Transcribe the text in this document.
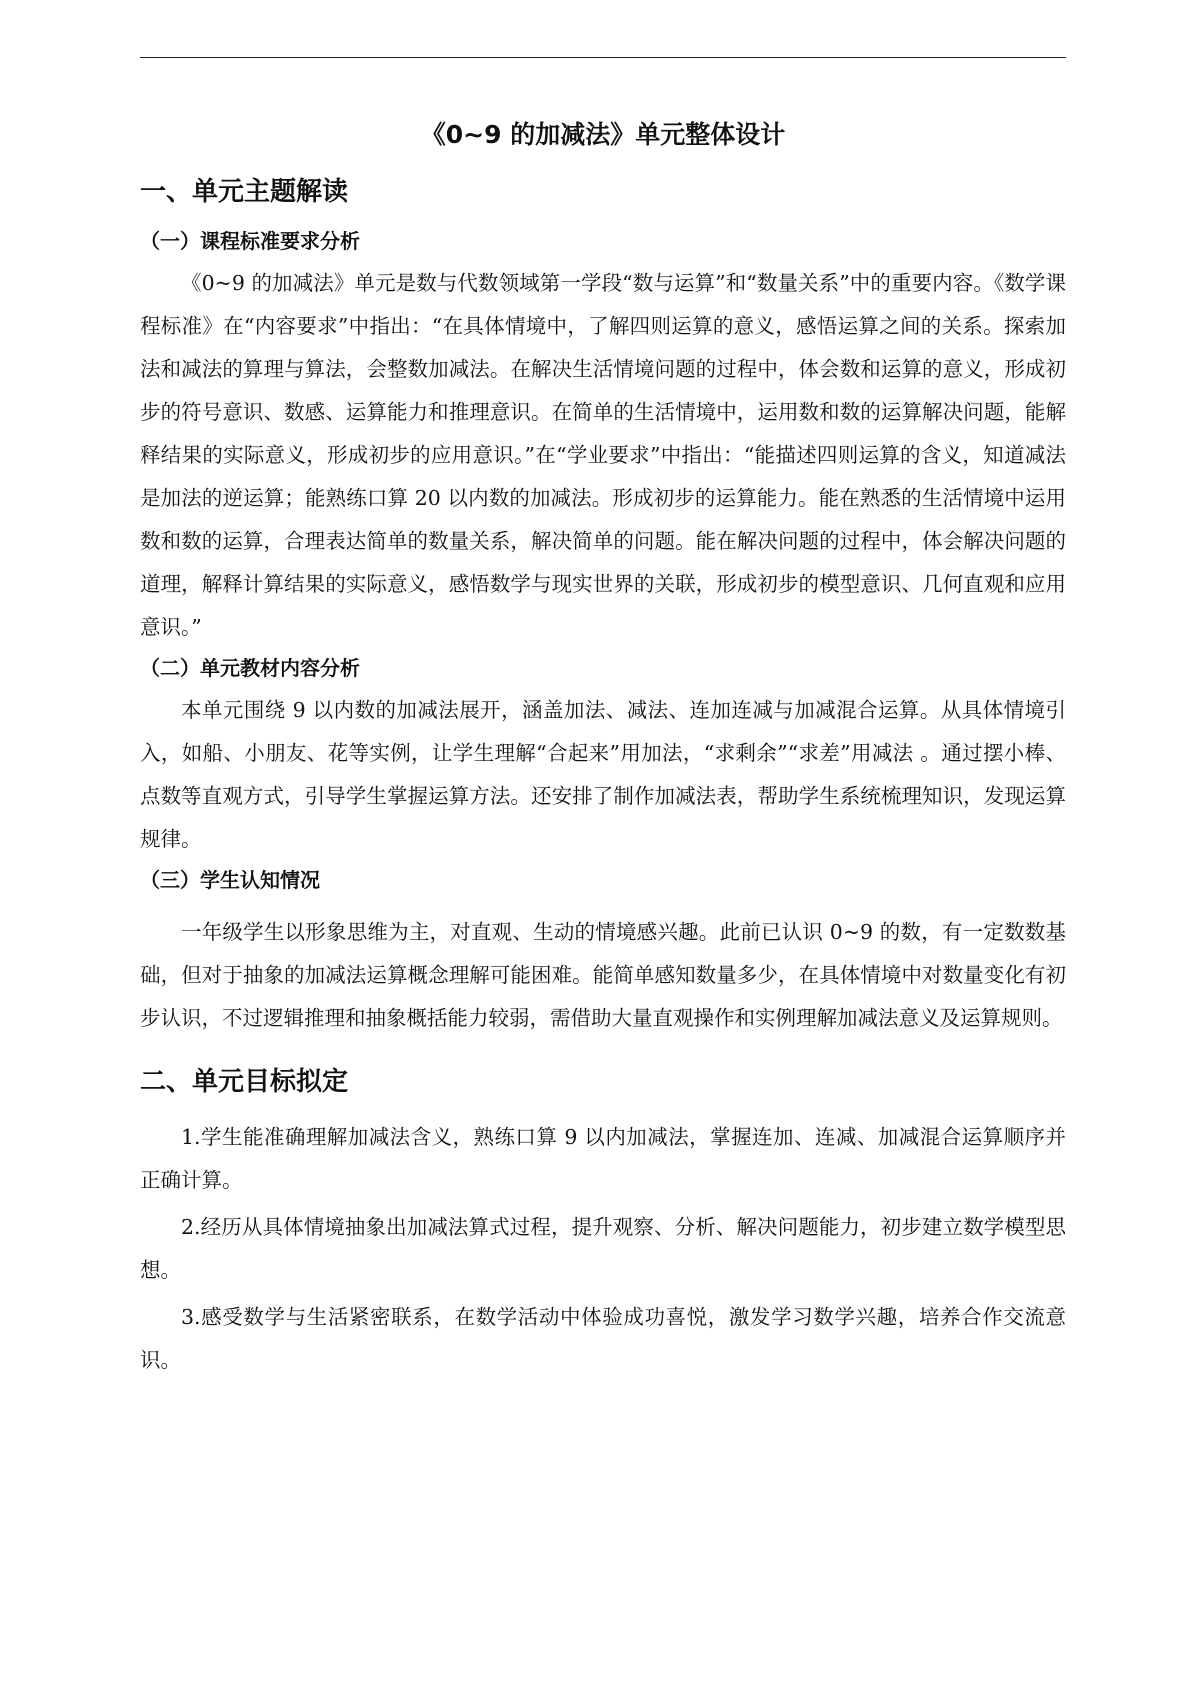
《0~9 的加减法》单元整体设计
一、单元主题解读
（一）课程标准要求分析

《0~9 的加减法》单元是数与代数领域第一学段“数与运算”和“数量关系”中的重要内容。《数学课程标准》在“内容要求”中指出：“在具体情境中，了解四则运算的意义，感悟运算之间的关系。探索加法和减法的算理与算法，会整数加减法。在解决生活情境问题的过程中，体会数和运算的意义，形成初步的符号意识、数感、运算能力和推理意识。在简单的生活情境中，运用数和数的运算解决问题，能解释结果的实际意义，形成初步的应用意识。”在“学业要求”中指出：“能描述四则运算的含义，知道减法是加法的逆运算；能熟练口算 20 以内数的加减法。形成初步的运算能力。能在熟悉的生活情境中运用数和数的运算，合理表达简单的数量关系，解决简单的问题。能在解决问题的过程中，体会解决问题的道理，解释计算结果的实际意义，感悟数学与现实世界的关联，形成初步的模型意识、几何直观和应用意识。”

（二）单元教材内容分析

本单元围绕 9 以内数的加减法展开，涵盖加法、减法、连加连减与加减混合运算。从具体情境引入，如船、小朋友、花等实例，让学生理解“合起来”用加法，“求剩余”“求差”用减法 。通过摆小棒、点数等直观方式，引导学生掌握运算方法。还安排了制作加减法表，帮助学生系统梳理知识，发现运算规律。

（三）学生认知情况

一年级学生以形象思维为主，对直观、生动的情境感兴趣。此前已认识 0~9 的数，有一定数数基础，但对于抽象的加减法运算概念理解可能困难。能简单感知数量多少，在具体情境中对数量变化有初步认识，不过逻辑推理和抽象概括能力较弱，需借助大量直观操作和实例理解加减法意义及运算规则。

二、单元目标拟定

1.学生能准确理解加减法含义，熟练口算 9 以内加减法，掌握连加、连减、加减混合运算顺序并正确计算。

2.经历从具体情境抽象出加减法算式过程，提升观察、分析、解决问题能力，初步建立数学模型思想。

3.感受数学与生活紧密联系，在数学活动中体验成功喜悦，激发学习数学兴趣，培养合作交流意识。
